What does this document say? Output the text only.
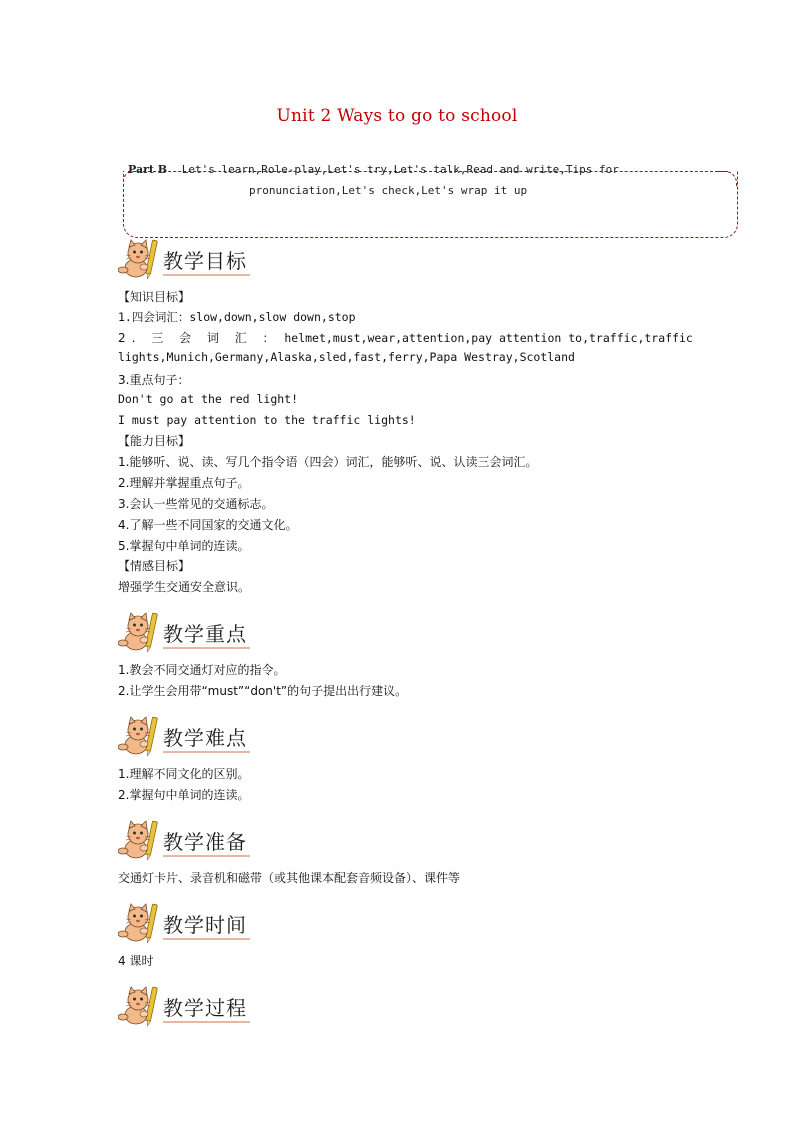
Unit 2 Ways to go to school
Part B Let's learn,Role-play,Let's try,Let's talk,Read and write,Tips for
pronunciation,Let's check,Let's wrap it up
教学目标
【知识目标】
1.四会词汇：slow,down,slow down,stop
2. 三 会 词 汇 ： helmet,must,wear,attention,pay attention to,traffic,traffic
lights,Munich,Germany,Alaska,sled,fast,ferry,Papa Westray,Scotland
3.重点句子：
Don't go at the red light!
I must pay attention to the traffic lights!
【能力目标】
1.能够听、说、读、写几个指令语（四会）词汇，能够听、说、认读三会词汇。
2.理解并掌握重点句子。
3.会认一些常见的交通标志。
4.了解一些不同国家的交通文化。
5.掌握句中单词的连读。
【情感目标】
增强学生交通安全意识。
教学重点
1.教会不同交通灯对应的指令。
2.让学生会用带“must”“don't”的句子提出出行建议。
教学难点
1.理解不同文化的区别。
2.掌握句中单词的连读。
教学准备
交通灯卡片、录音机和磁带（或其他课本配套音频设备）、课件等
教学时间
4 课时
教学过程
